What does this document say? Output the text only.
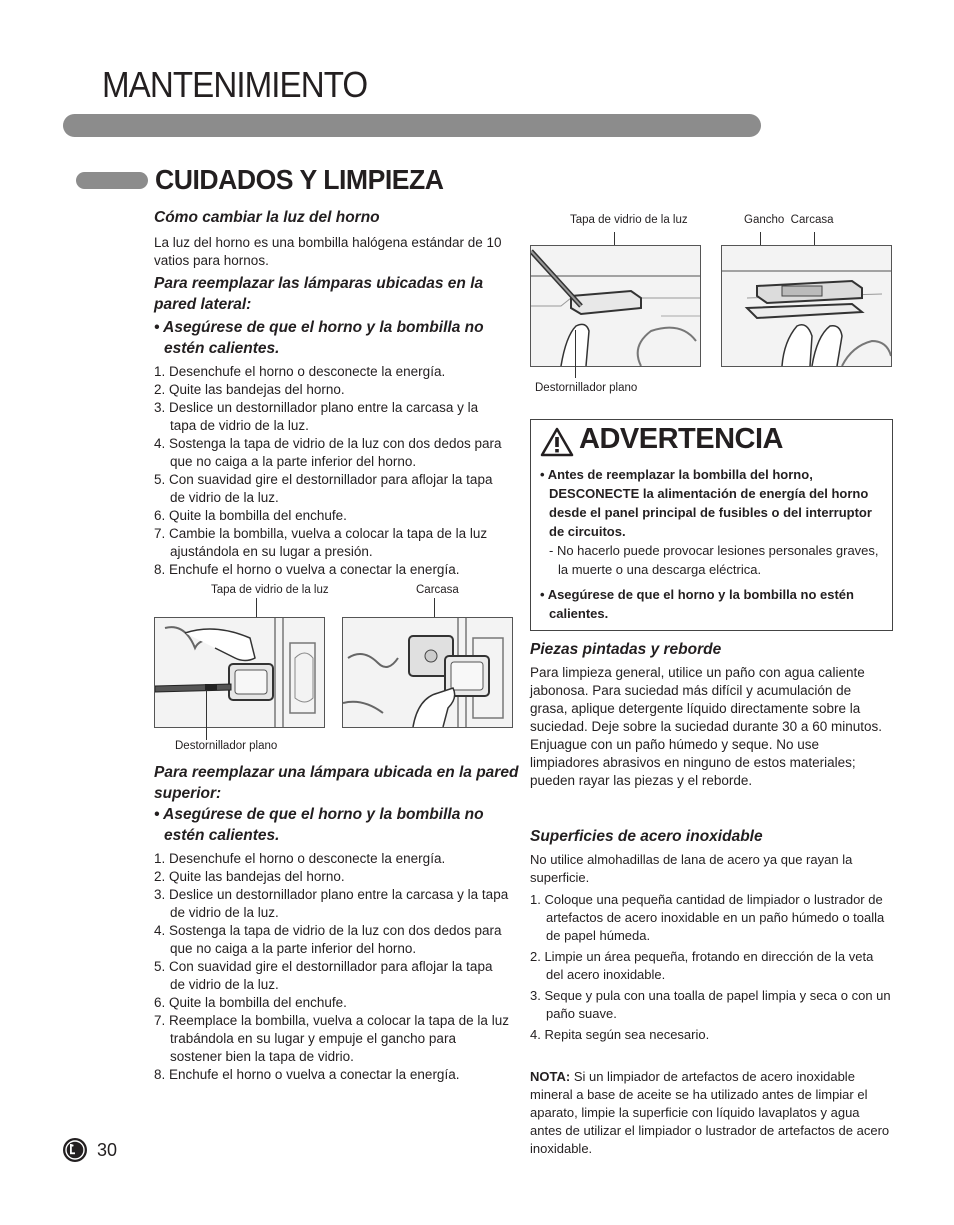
MANTENIMIENTO
CUIDADOS Y LIMPIEZA
Cómo cambiar la luz del horno
La luz del horno es una bombilla halógena estándar de 10 vatios para hornos.
Para reemplazar las lámparas ubicadas en la pared lateral:
• Asegúrese de que el horno y la bombilla no estén calientes.
1. Desenchufe el horno o desconecte la energía.
2. Quite las bandejas del horno.
3. Deslice un destornillador plano entre la carcasa y la tapa de vidrio de la luz.
4. Sostenga la tapa de vidrio de la luz con dos dedos para que no caiga a la parte inferior del horno.
5. Con suavidad gire el destornillador para aflojar la tapa de vidrio de la luz.
6. Quite la bombilla del enchufe.
7. Cambie la bombilla, vuelva a colocar la tapa de la luz ajustándola en su lugar a presión.
8. Enchufe el horno o vuelva a conectar la energía.
Tapa de vidrio de la luz	Carcasa
Destornillador plano
Para reemplazar una lámpara ubicada en la pared superior:
• Asegúrese de que el horno y la bombilla no estén calientes.
1. Desenchufe el horno o desconecte la energía.
2. Quite las bandejas del horno.
3. Deslice un destornillador plano entre la carcasa y la tapa de vidrio de la luz.
4. Sostenga la tapa de vidrio de la luz con dos dedos para que no caiga a la parte inferior del horno.
5. Con suavidad gire el destornillador para aflojar la tapa de vidrio de la luz.
6. Quite la bombilla del enchufe.
7. Reemplace la bombilla, vuelva a colocar la tapa de la luz trabándola en su lugar y empuje el gancho para sostener bien la tapa de vidrio.
8. Enchufe el horno o vuelva a conectar la energía.
Tapa de vidrio de la luz	Gancho  Carcasa
Destornillador plano
ADVERTENCIA
• Antes de reemplazar la bombilla del horno, DESCONECTE la alimentación de energía del horno desde el panel principal de fusibles o del interruptor de circuitos.
- No hacerlo puede provocar lesiones personales graves, la muerte o una descarga eléctrica.
• Asegúrese de que el horno y la bombilla no estén calientes.
Piezas pintadas y reborde
Para limpieza general, utilice un paño con agua caliente jabonosa. Para suciedad más difícil y acumulación de grasa, aplique detergente líquido directamente sobre la suciedad. Deje sobre la suciedad durante 30 a 60 minutos. Enjuague con un paño húmedo y seque. No use limpiadores abrasivos en ninguno de estos materiales; pueden rayar las piezas y el reborde.
Superficies de acero inoxidable
No utilice almohadillas de lana de acero ya que rayan la superficie.
1. Coloque una pequeña cantidad de limpiador o lustrador de artefactos de acero inoxidable en un paño húmedo o toalla de papel húmeda.
2. Limpie un área pequeña, frotando en dirección de la veta del acero inoxidable.
3. Seque y pula con una toalla de papel limpia y seca o con un paño suave.
4. Repita según sea necesario.
NOTA: Si un limpiador de artefactos de acero inoxidable mineral a base de aceite se ha utilizado antes de limpiar el aparato, limpie la superficie con líquido lavaplatos y agua antes de utilizar el limpiador o lustrador de artefactos de acero inoxidable.
30
